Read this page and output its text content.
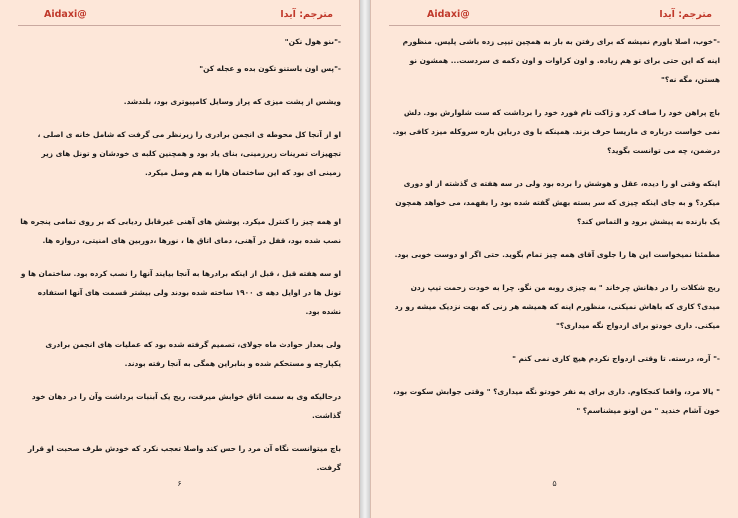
Aidaxi@	مترجم: آیدا

-"ىنو هول نکن"

-"پس اون باستنو تکون بده و عجله کن"

ویشس از پشت میزی که پراز وسایل کامپیوتری بود، بلندشد.

او از آنجا کل محوطه ی انجمن برادری را زیرنظر می گرفت که شامل خانه ی اصلی ، تجهیزات تمرینات زیرزمینی، بنای یاد بود و همچنین کلبه ی خودشان و تونل های زیر زمینی ای بود که این ساختمان هارا به هم وصل میکرد.

او همه چیز را کنترل میکرد. پوشش های آهنی غیرقابل ردیابی که بر روی تمامی پنجره ها نصب شده بود، قفل در آهنی، دمای اتاق ها ، نورها ،دوربین های امنیتی، دروازه ها.

او سه هفته قبل ، قبل از اینکه برادرها به آنجا بیایند آنها را نصب کرده بود. ساختمان ها و تونل ها در اوایل دهه ی ۱۹۰۰ ساخته شده بودند ولی بیشتر قسمت های آنها استفاده نشده بود.

ولی بعداز حوادث ماه جولای، تصمیم گرفته شده بود که عملیات های انجمن برادری یکپارچه و مستحکم شده و بنابراین همگی به آنجا رفته بودند.

درحالیکه وی به سمت اتاق خوابش میرفت، ریج یک آبنبات برداشت وآن را در دهان خود گذاشت.

باچ میتوانست نگاه آن مرد را حس کند واصلا تعجب نکرد که خودش طرف صحبت او قرار گرفت.

۶
Aidaxi@	مترجم: آیدا

-"خوب، اصلا باورم نمیشه که برای رفتن به بار به همچین تیپی زده باشی پلیس. منظورم اینه که این حتی برای تو هم زیاده. و اون کراوات و اون دکمه ی سردست... همشون نو هستن، مگه نه؟"

باچ پراهن خود را صاف کرد و ژاکت تام فورد خود را برداشت که ست شلوارش بود. دلش نمی خواست درباره ی ماریسا حرف بزند. همینکه با وی درباین باره سروکله میزد کافی بود. درضمن، چه می توانست بگوید؟

اینکه وقتی او را دیده، عقل و هوشش را برده بود ولی در سه هفته ی گذشته از او دوری میکرد؟ و به جای اینکه چیزی که سر بسته بهش گفته شده بود را بفهمد، می خواهد همچون یک بازنده به پیشش برود و التماس کند؟

مطمئنا نمیخواست این ها را جلوی آقای همه چیز تمام بگوید. حتی اگر او دوست خوبی بود.

ریج شکلات را در دهانش چرخاند " به چیزی روبه من نگو. چرا به خودت زحمت تیپ زدن میدی؟ کاری که باهاش نمیکنی، منظورم اینه که همیشه هر زنی که بهت نزدیک میشه رو رد میکنی. داری خودتو برای ازدواج نگه میداری؟"

-" آره، درسته. تا وقتی ازدواج نکردم هیچ کاری نمی کنم "

" یالا مرد، واقعا کنجکاوم. داری برای یه نفر خودتو نگه میداری؟ " وقتی جوابش سکوت بود، خون آشام خندید " من اونو میشناسم؟ "

۵
